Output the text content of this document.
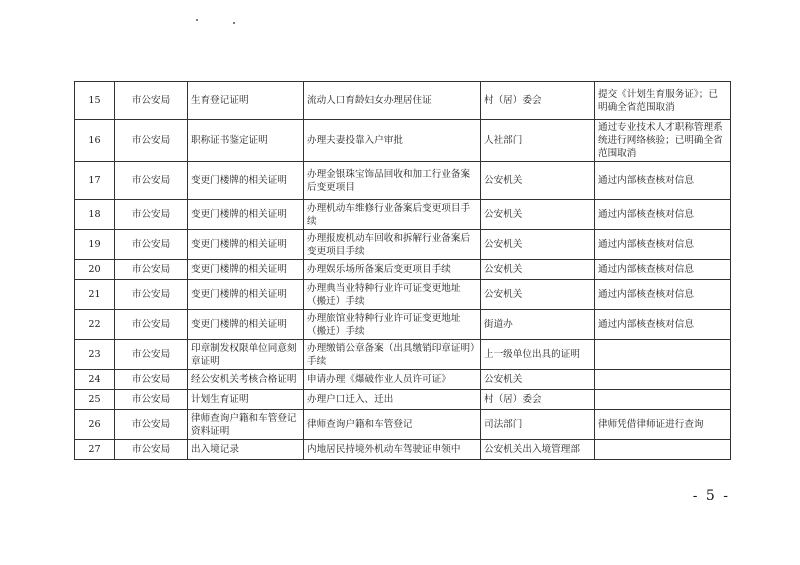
15	市公安局	生育登记证明	流动人口育龄妇女办理居住证	村（居）委会	提交《计划生育服务证》；已明确全省范围取消
16	市公安局	职称证书鉴定证明	办理夫妻投靠入户审批	人社部门	通过专业技术人才职称管理系统进行网络核验；已明确全省范围取消
17	市公安局	变更门楼牌的相关证明	办理金银珠宝饰品回收和加工行业备案后变更项目	公安机关	通过内部核查核对信息
18	市公安局	变更门楼牌的相关证明	办理机动车维修行业备案后变更项目手续	公安机关	通过内部核查核对信息
19	市公安局	变更门楼牌的相关证明	办理报废机动车回收和拆解行业备案后变更项目手续	公安机关	通过内部核查核对信息
20	市公安局	变更门楼牌的相关证明	办理娱乐场所备案后变更项目手续	公安机关	通过内部核查核对信息
21	市公安局	变更门楼牌的相关证明	办理典当业特种行业许可证变更地址（搬迁）手续	公安机关	通过内部核查核对信息
22	市公安局	变更门楼牌的相关证明	办理旅馆业特种行业许可证变更地址（搬迁）手续	街道办	通过内部核查核对信息
23	市公安局	印章制发权限单位同意刻章证明	办理缴销公章备案（出具缴销印章证明）手续	上一级单位出具的证明	
24	市公安局	经公安机关考核合格证明	申请办理《爆破作业人员许可证》	公安机关	
25	市公安局	计划生育证明	办理户口迁入、迁出	村（居）委会	
26	市公安局	律师查询户籍和车管登记资料证明	律师查询户籍和车管登记	司法部门	律师凭借律师证进行查询
27	市公安局	出入境记录	内地居民持境外机动车驾驶证申领中	公安机关出入境管理部	
- 5 -
